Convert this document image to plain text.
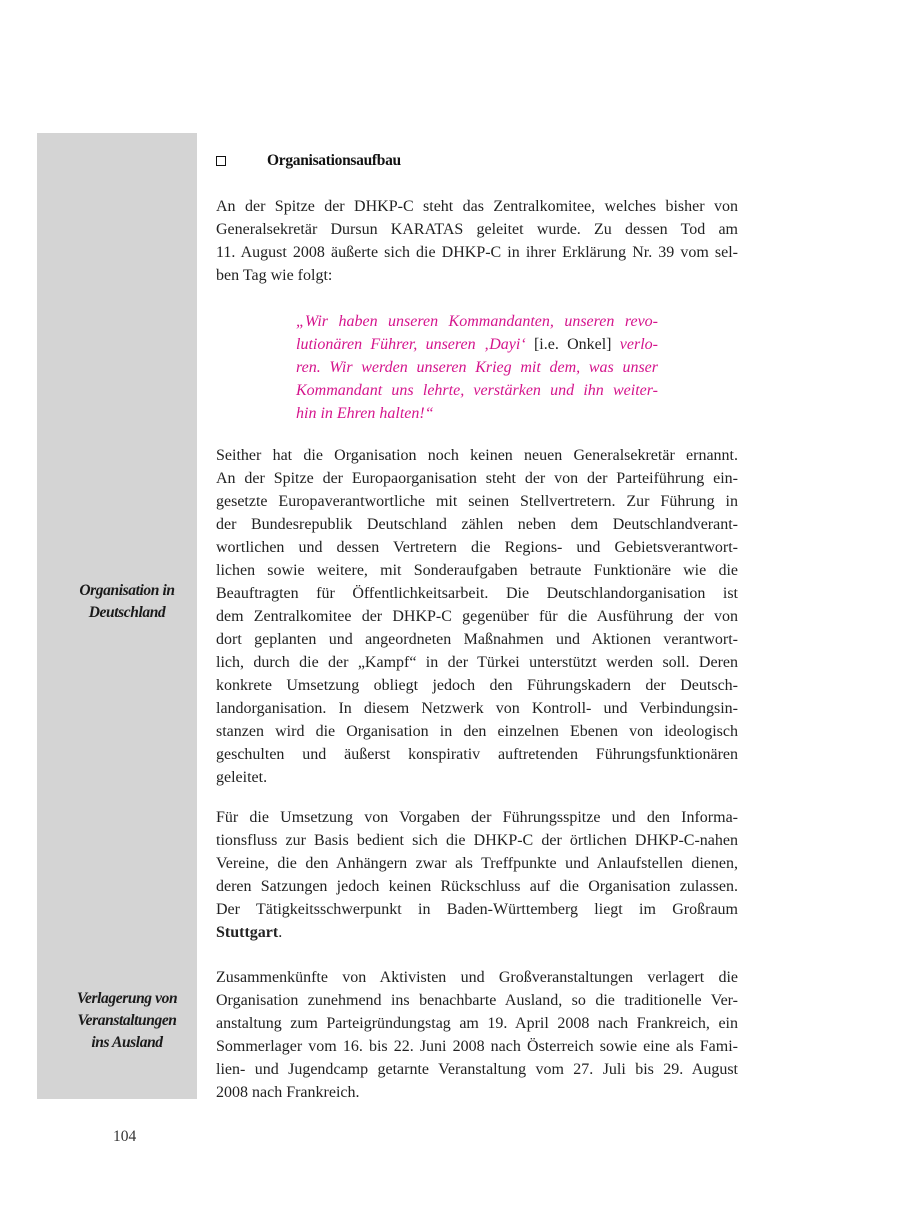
Organisation in
Deutschland
Verlagerung von
Veranstaltungen
ins Ausland
Organisationsaufbau
An der Spitze der DHKP-C steht das Zentralkomitee, welches bisher von
Generalsekretär Dursun KARATAS geleitet wurde. Zu dessen Tod am
11. August 2008 äußerte sich die DHKP-C in ihrer Erklärung Nr. 39 vom sel-
ben Tag wie folgt:
„Wir haben unseren Kommandanten, unseren revo-
lutionären Führer, unseren ‚Dayi‘ [i.e. Onkel] verlo-
ren. Wir werden unseren Krieg mit dem, was unser
Kommandant uns lehrte, verstärken und ihn weiter-
hin in Ehren halten!“
Seither hat die Organisation noch keinen neuen Generalsekretär ernannt.
An der Spitze der Europaorganisation steht der von der Parteiführung ein-
gesetzte Europaverantwortliche mit seinen Stellvertretern. Zur Führung in
der Bundesrepublik Deutschland zählen neben dem Deutschlandverant-
wortlichen und dessen Vertretern die Regions- und Gebietsverantwort-
lichen sowie weitere, mit Sonderaufgaben betraute Funktionäre wie die
Beauftragten für Öffentlichkeitsarbeit. Die Deutschlandorganisation ist
dem Zentralkomitee der DHKP-C gegenüber für die Ausführung der von
dort geplanten und angeordneten Maßnahmen und Aktionen verantwort-
lich, durch die der „Kampf“ in der Türkei unterstützt werden soll. Deren
konkrete Umsetzung obliegt jedoch den Führungskadern der Deutsch-
landorganisation. In diesem Netzwerk von Kontroll- und Verbindungsin-
stanzen wird die Organisation in den einzelnen Ebenen von ideologisch
geschulten und äußerst konspirativ auftretenden Führungsfunktionären
geleitet.
Für die Umsetzung von Vorgaben der Führungsspitze und den Informa-
tionsfluss zur Basis bedient sich die DHKP-C der örtlichen DHKP-C-nahen
Vereine, die den Anhängern zwar als Treffpunkte und Anlaufstellen dienen,
deren Satzungen jedoch keinen Rückschluss auf die Organisation zulassen.
Der Tätigkeitsschwerpunkt in Baden-Württemberg liegt im Großraum
Stuttgart.
Zusammenkünfte von Aktivisten und Großveranstaltungen verlagert die
Organisation zunehmend ins benachbarte Ausland, so die traditionelle Ver-
anstaltung zum Parteigründungstag am 19. April 2008 nach Frankreich, ein
Sommerlager vom 16. bis 22. Juni 2008 nach Österreich sowie eine als Fami-
lien- und Jugendcamp getarnte Veranstaltung vom 27. Juli bis 29. August
2008 nach Frankreich.
104
